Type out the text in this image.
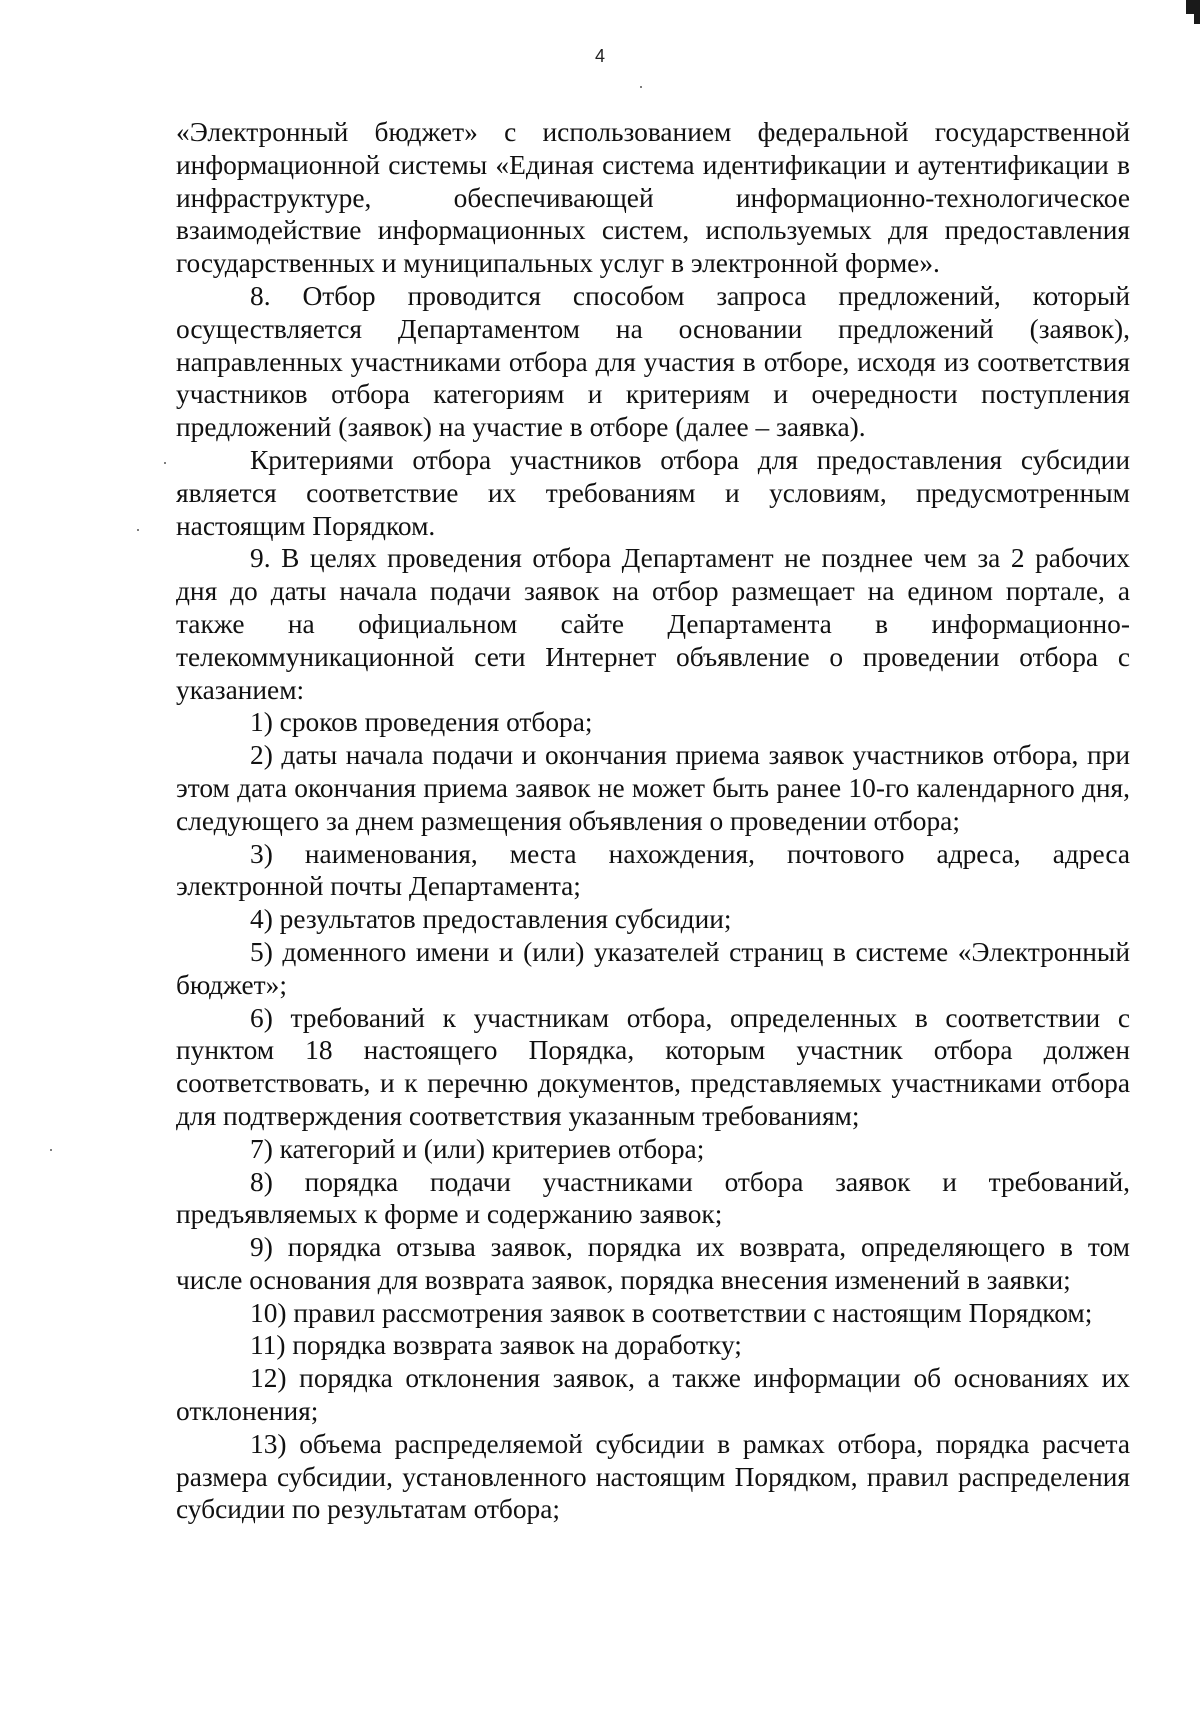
4

«Электронный бюджет» с использованием федеральной государственной информационной системы «Единая система идентификации и аутентификации в инфраструктуре, обеспечивающей информационно-технологическое взаимодействие информационных систем, используемых для предоставления государственных и муниципальных услуг в электронной форме».

8. Отбор проводится способом запроса предложений, который осуществляется Департаментом на основании предложений (заявок), направленных участниками отбора для участия в отборе, исходя из соответствия участников отбора категориям и критериям и очередности поступления предложений (заявок) на участие в отборе (далее – заявка).

Критериями отбора участников отбора для предоставления субсидии является соответствие их требованиям и условиям, предусмотренным настоящим Порядком.

9. В целях проведения отбора Департамент не позднее чем за 2 рабочих дня до даты начала подачи заявок на отбор размещает на едином портале, а также на официальном сайте Департамента в информационно-телекоммуникационной сети Интернет объявление о проведении отбора с указанием:

1) сроков проведения отбора;

2) даты начала подачи и окончания приема заявок участников отбора, при этом дата окончания приема заявок не может быть ранее 10-го календарного дня, следующего за днем размещения объявления о проведении отбора;

3) наименования, места нахождения, почтового адреса, адреса электронной почты Департамента;

4) результатов предоставления субсидии;

5) доменного имени и (или) указателей страниц в системе «Электронный бюджет»;

6) требований к участникам отбора, определенных в соответствии с пунктом 18 настоящего Порядка, которым участник отбора должен соответствовать, и к перечню документов, представляемых участниками отбора для подтверждения соответствия указанным требованиям;

7) категорий и (или) критериев отбора;

8) порядка подачи участниками отбора заявок и требований, предъявляемых к форме и содержанию заявок;

9) порядка отзыва заявок, порядка их возврата, определяющего в том числе основания для возврата заявок, порядка внесения изменений в заявки;

10) правил рассмотрения заявок в соответствии с настоящим Порядком;

11) порядка возврата заявок на доработку;

12) порядка отклонения заявок, а также информации об основаниях их отклонения;

13) объема распределяемой субсидии в рамках отбора, порядка расчета размера субсидии, установленного настоящим Порядком, правил распределения субсидии по результатам отбора;
